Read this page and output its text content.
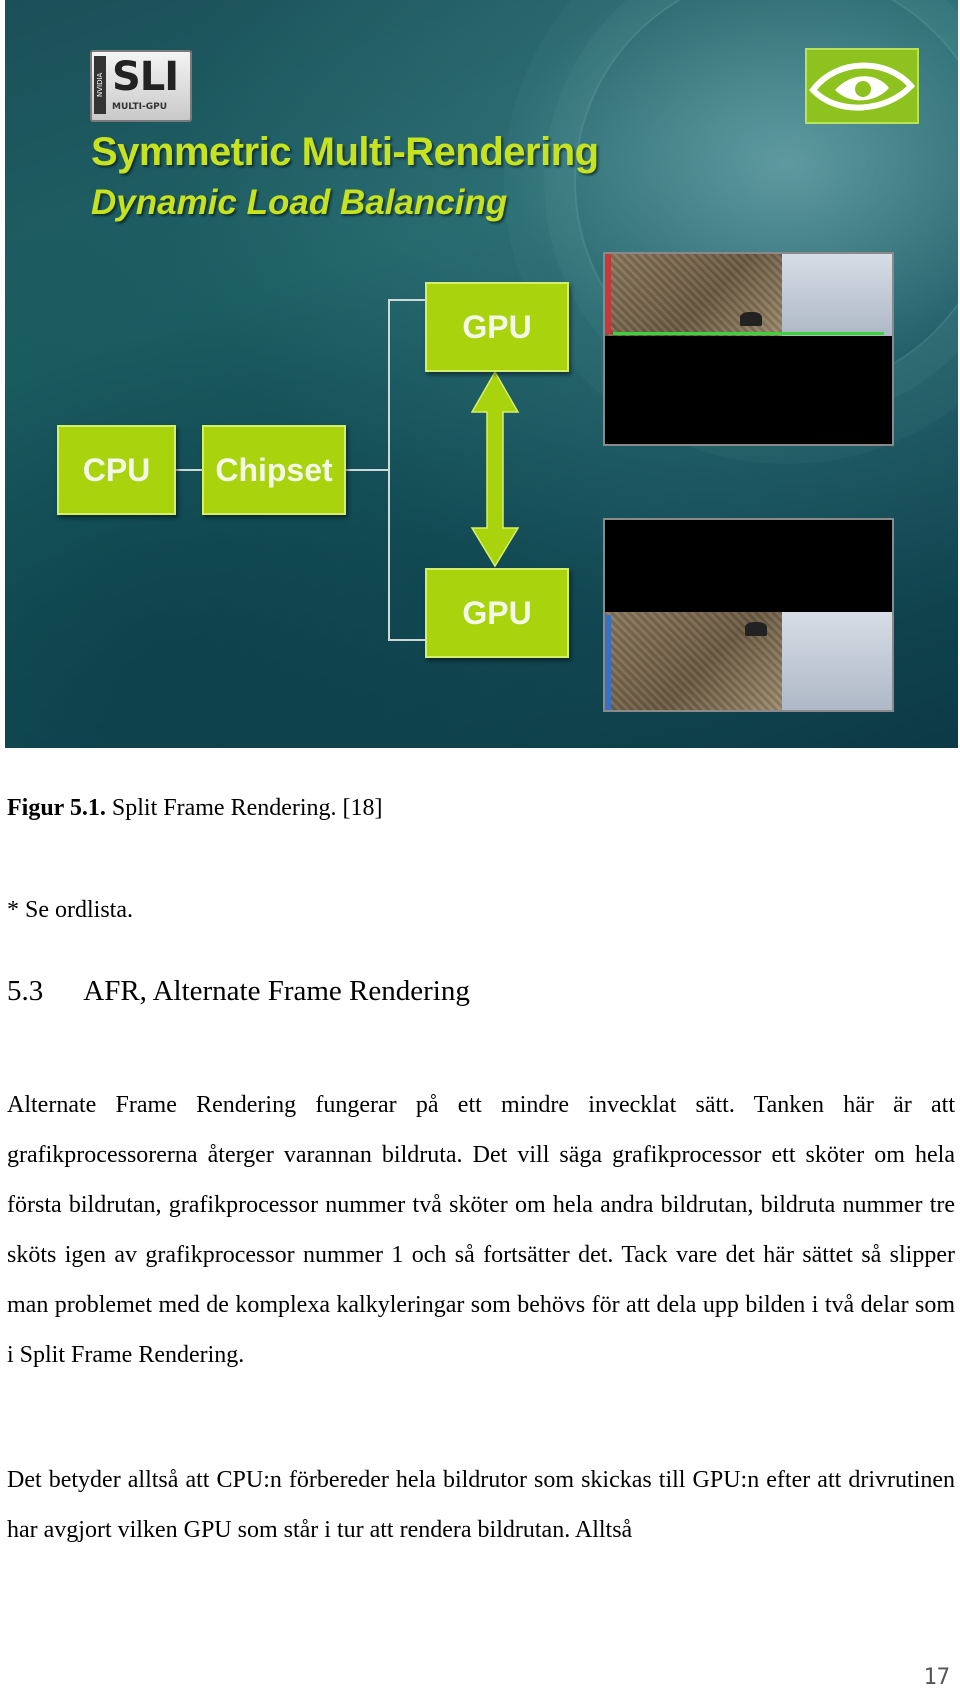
NVIDIA SLI
MULTI-GPU
Symmetric Multi-Rendering
Dynamic Load Balancing
CPU	Chipset
GPU
GPU
Figur 5.1. Split Frame Rendering. [18]
* Se ordlista.
5.3 AFR, Alternate Frame Rendering

Alternate Frame Rendering fungerar på ett mindre invecklat sätt. Tanken här är att grafikprocessorerna återger varannan bildruta. Det vill säga grafikprocessor ett sköter om hela första bildrutan, grafikprocessor nummer två sköter om hela andra bildrutan, bildruta nummer tre sköts igen av grafikprocessor nummer 1 och så fortsätter det. Tack vare det här sättet så slipper man problemet med de komplexa kalkyleringar som behövs för att dela upp bilden i två delar som i Split Frame Rendering.

Det betyder alltså att CPU:n förbereder hela bildrutor som skickas till GPU:n efter att drivrutinen har avgjort vilken GPU som står i tur att rendera bildrutan. Alltså

17
